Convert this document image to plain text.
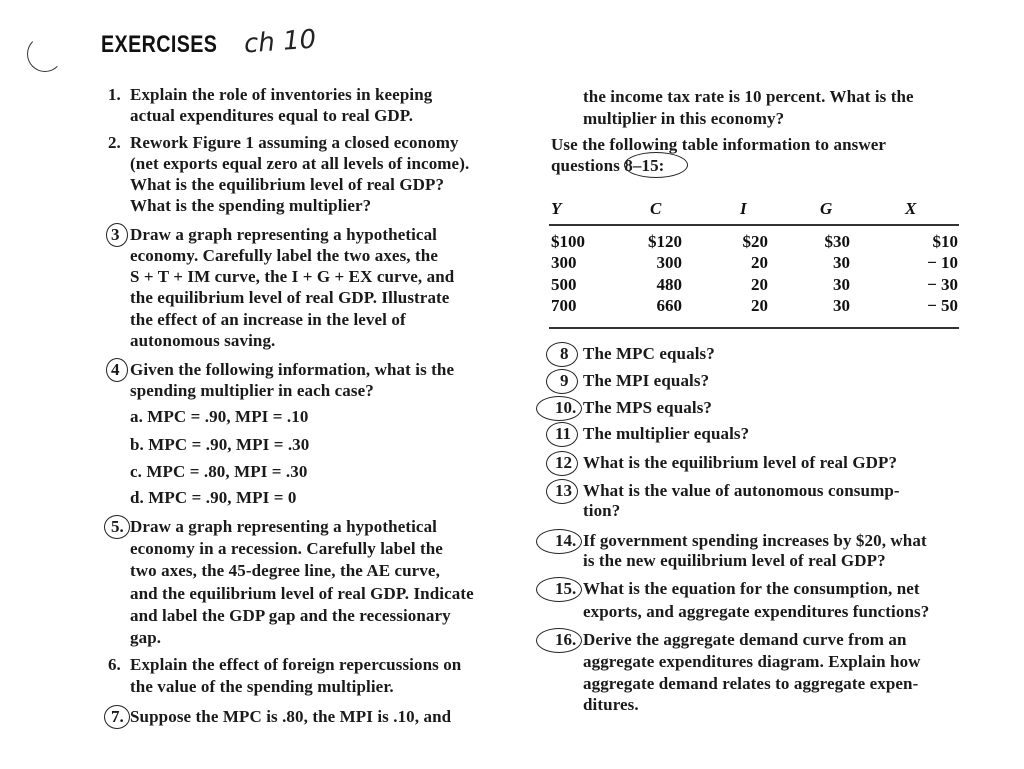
EXERCISES ch 10
1. Explain the role of inventories in keeping
actual expenditures equal to real GDP.
2. Rework Figure 1 assuming a closed economy
(net exports equal zero at all levels of income).
What is the equilibrium level of real GDP?
What is the spending multiplier?
3 Draw a graph representing a hypothetical
economy. Carefully label the two axes, the
S + T + IM curve, the I + G + EX curve, and
the equilibrium level of real GDP. Illustrate
the effect of an increase in the level of
autonomous saving.
4 Given the following information, what is the
spending multiplier in each case?
a. MPC = .90, MPI = .10
b. MPC = .90, MPI = .30
c. MPC = .80, MPI = .30
d. MPC = .90, MPI = 0
5. Draw a graph representing a hypothetical
economy in a recession. Carefully label the
two axes, the 45-degree line, the AE curve,
and the equilibrium level of real GDP. Indicate
and label the GDP gap and the recessionary
gap.
6. Explain the effect of foreign repercussions on
the value of the spending multiplier.
7. Suppose the MPC is .80, the MPI is .10, and
the income tax rate is 10 percent. What is the
multiplier in this economy?
Use the following table information to answer
questions 8–15:
8 The MPC equals?
9 The MPI equals?
10. The MPS equals?
11 The multiplier equals?
12 What is the equilibrium level of real GDP?
13 What is the value of autonomous consump-
tion?
14. If government spending increases by $20, what
is the new equilibrium level of real GDP?
15. What is the equation for the consumption, net
exports, and aggregate expenditures functions?
16. Derive the aggregate demand curve from an
aggregate expenditures diagram. Explain how
aggregate demand relates to aggregate expen-
ditures.
Y	C	I	G	X
$100	$120	$20	$30	$10
300	300	20	30	− 10
500	480	20	30	− 30
700	660	20	30	− 50
